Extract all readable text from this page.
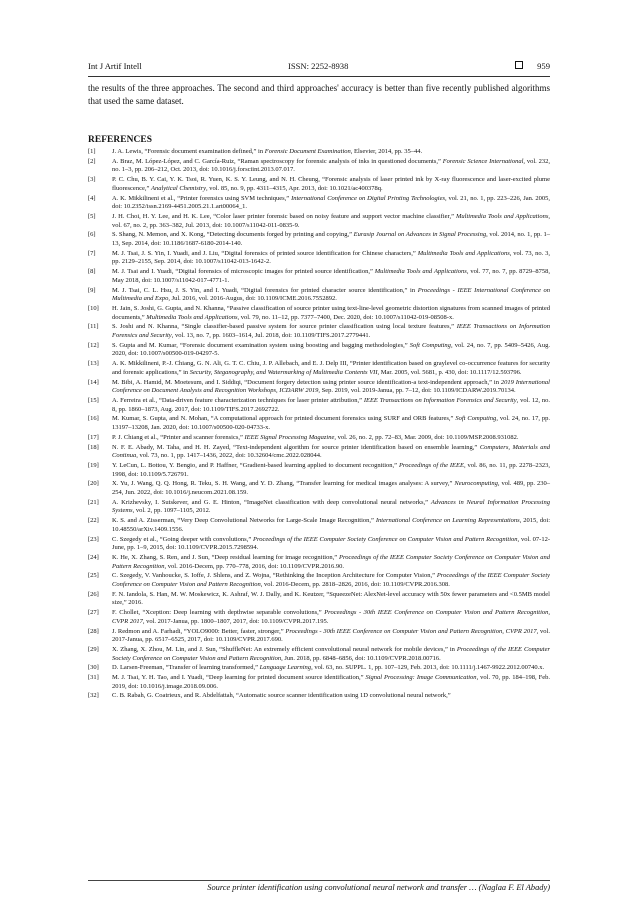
Int J Artif Intell	ISSN: 2252-8938	959

the results of the three approaches. The second and third approaches' accuracy is better than five recently published algorithms that used the same dataset.

REFERENCES
[1]	J. A. Lewis, “Forensic document examination defined,” in Forensic Document Examination, Elsevier, 2014, pp. 35–44.
[2]	A. Braz, M. López-López, and C. García-Ruiz, “Raman spectroscopy for forensic analysis of inks in questioned documents,” Forensic Science International, vol. 232, no. 1–3, pp. 206–212, Oct. 2013, doi: 10.1016/j.forsciint.2013.07.017.
[3]	P. C. Chu, B. Y. Cai, Y. K. Tsoi, R. Yuen, K. S. Y. Leung, and N. H. Cheung, “Forensic analysis of laser printed ink by X-ray fluorescence and laser-excited plume fluorescence,” Analytical Chemistry, vol. 85, no. 9, pp. 4311–4315, Apr. 2013, doi: 10.1021/ac400378q.
[4]	A. K. Mikkilineni et al., “Printer forensics using SVM techniques,” International Conference on Digital Printing Technologies, vol. 21, no. 1, pp. 223–226, Jan. 2005, doi: 10.2352/issn.2169-4451.2005.21.1.art00064_1.
[5]	J. H. Choi, H. Y. Lee, and H. K. Lee, “Color laser printer forensic based on noisy feature and support vector machine classifier,” Multimedia Tools and Applications, vol. 67, no. 2, pp. 363–382, Jul. 2013, doi: 10.1007/s11042-011-0835-9.
[6]	S. Shang, N. Memon, and X. Kong, “Detecting documents forged by printing and copying,” Eurasip Journal on Advances in Signal Processing, vol. 2014, no. 1, pp. 1–13, Sep. 2014, doi: 10.1186/1687-6180-2014-140.
[7]	M. J. Tsai, J. S. Yin, I. Yuadi, and J. Liu, “Digital forensics of printed source identification for Chinese characters,” Multimedia Tools and Applications, vol. 73, no. 3, pp. 2129–2155, Sep. 2014, doi: 10.1007/s11042-013-1642-2.
[8]	M. J. Tsai and I. Yuadi, “Digital forensics of microscopic images for printed source identification,” Multimedia Tools and Applications, vol. 77, no. 7, pp. 8729–8758, May 2018, doi: 10.1007/s11042-017-4771-1.
[9]	M. J. Tsai, C. L. Hsu, J. S. Yin, and I. Yuadi, “Digital forensics for printed character source identification,” in Proceedings - IEEE International Conference on Multimedia and Expo, Jul. 2016, vol. 2016-Augus, doi: 10.1109/ICME.2016.7552892.
[10] H. Jain, S. Joshi, G. Gupta, and N. Khanna, “Passive classification of source printer using text-line-level geometric distortion signatures from scanned images of printed documents,” Multimedia Tools and Applications, vol. 79, no. 11–12, pp. 7377–7400, Dec. 2020, doi: 10.1007/s11042-019-08508-x.
[11] S. Joshi and N. Khanna, “Single classifier-based passive system for source printer classification using local texture features,” IEEE Transactions on Information Forensics and Security, vol. 13, no. 7, pp. 1603–1614, Jul. 2018, doi: 10.1109/TIFS.2017.2779441.
[12] S. Gupta and M. Kumar, “Forensic document examination system using boosting and bagging methodologies,” Soft Computing, vol. 24, no. 7, pp. 5409–5426, Aug. 2020, doi: 10.1007/s00500-019-04297-5.
[13] A. K. Mikkilineni, P.-J. Chiang, G. N. Ali, G. T. C. Chiu, J. P. Allebach, and E. J. Delp III, “Printer identification based on graylevel co-occurrence features for security and forensic applications,” in Security, Steganography, and Watermarking of Multimedia Contents VII, Mar. 2005, vol. 5681, p. 430, doi: 10.1117/12.593796.
[14] M. Bibi, A. Hamid, M. Moetesum, and I. Siddiqi, “Document forgery detection using printer source identification-a text-independent approach,” in 2019 International Conference on Document Analysis and Recognition Workshops, ICDARW 2019, Sep. 2019, vol. 2019-Janua, pp. 7–12, doi: 10.1109/ICDARW.2019.70134.
[15] A. Ferreira et al., “Data-driven feature characterization techniques for laser printer attribution,” IEEE Transactions on Information Forensics and Security, vol. 12, no. 8, pp. 1860–1873, Aug. 2017, doi: 10.1109/TIFS.2017.2692722.
[16] M. Kumar, S. Gupta, and N. Mohan, “A computational approach for printed document forensics using SURF and ORB features,” Soft Computing, vol. 24, no. 17, pp. 13197–13208, Jan. 2020, doi: 10.1007/s00500-020-04733-x.
[17] P. J. Chiang et al., “Printer and scanner forensics,” IEEE Signal Processing Magazine, vol. 26, no. 2, pp. 72–83, Mar. 2009, doi: 10.1109/MSP.2008.931082.
[18] N. F. E. Abady, M. Taha, and H. H. Zayed, “Text-independent algorithm for source printer identification based on ensemble learning,” Computers, Materials and Continua, vol. 73, no. 1, pp. 1417–1436, 2022, doi: 10.32604/cmc.2022.028044.
[19] Y. LeCun, L. Bottou, Y. Bengio, and P. Haffner, “Gradient-based learning applied to document recognition,” Proceedings of the IEEE, vol. 86, no. 11, pp. 2278–2323, 1998, doi: 10.1109/5.726791.
[20] X. Yu, J. Wang, Q. Q. Hong, R. Teku, S. H. Wang, and Y. D. Zhang, “Transfer learning for medical images analyses: A survey,” Neurocomputing, vol. 489, pp. 230–254, Jun. 2022, doi: 10.1016/j.neucom.2021.08.159.
[21] A. Krizhevsky, I. Sutskever, and G. E. Hinton, “ImageNet classification with deep convolutional neural networks,” Advances in Neural Information Processing Systems, vol. 2, pp. 1097–1105, 2012.
[22] K. S. and A. Zisserman, “Very Deep Convolutional Networks for Large-Scale Image Recognition,” International Conference on Learning Representations, 2015, doi: 10.48550/arXiv.1409.1556.
[23] C. Szegedy et al., “Going deeper with convolutions,” Proceedings of the IEEE Computer Society Conference on Computer Vision and Pattern Recognition, vol. 07-12-June, pp. 1–9, 2015, doi: 10.1109/CVPR.2015.7298594.
[24] K. He, X. Zhang, S. Ren, and J. Sun, “Deep residual learning for image recognition,” Proceedings of the IEEE Computer Society Conference on Computer Vision and Pattern Recognition, vol. 2016-Decem, pp. 770–778, 2016, doi: 10.1109/CVPR.2016.90.
[25] C. Szegedy, V. Vanhoucke, S. Ioffe, J. Shlens, and Z. Wojna, “Rethinking the Inception Architecture for Computer Vision,” Proceedings of the IEEE Computer Society Conference on Computer Vision and Pattern Recognition, vol. 2016-Decem, pp. 2818–2826, 2016, doi: 10.1109/CVPR.2016.308.
[26] F. N. Iandola, S. Han, M. W. Moskewicz, K. Ashraf, W. J. Dally, and K. Keutzer, “SqueezeNet: AlexNet-level accuracy with 50x fewer parameters and <0.5MB model size,” 2016.
[27] F. Chollet, “Xception: Deep learning with depthwise separable convolutions,” Proceedings - 30th IEEE Conference on Computer Vision and Pattern Recognition, CVPR 2017, vol. 2017-Janua, pp. 1800–1807, 2017, doi: 10.1109/CVPR.2017.195.
[28] J. Redmon and A. Farhadi, “YOLO9000: Better, faster, stronger,” Proceedings - 30th IEEE Conference on Computer Vision and Pattern Recognition, CVPR 2017, vol. 2017-Janua, pp. 6517–6525, 2017, doi: 10.1109/CVPR.2017.690.
[29] X. Zhang, X. Zhou, M. Lin, and J. Sun, “ShuffleNet: An extremely efficient convolutional neural network for mobile devices,” in Proceedings of the IEEE Computer Society Conference on Computer Vision and Pattern Recognition, Jun. 2018, pp. 6848–6856, doi: 10.1109/CVPR.2018.00716.
[30] D. Larsen-Freeman, “Transfer of learning transformed,” Language Learning, vol. 63, no. SUPPL. 1, pp. 107–129, Feb. 2013, doi: 10.1111/j.1467-9922.2012.00740.x.
[31] M. J. Tsai, Y. H. Tao, and I. Yuadi, “Deep learning for printed document source identification,” Signal Processing: Image Communication, vol. 70, pp. 184–198, Feb. 2019, doi: 10.1016/j.image.2018.09.006.
[32] C. B. Rabah, G. Coatrieux, and R. Abdelfattah, “Automatic source scanner identification using 1D convolutional neural network,”
Source printer identification using convolutional neural network and transfer … (Naglaa F. El Abady)
